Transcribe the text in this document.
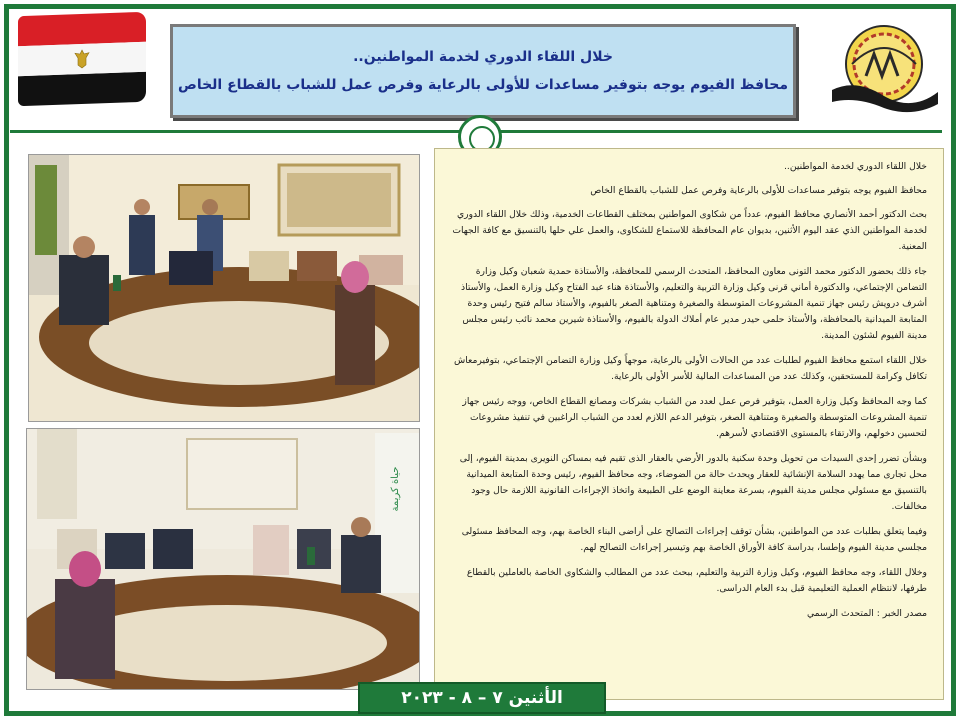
خلال اللقاء الدوري لخدمة المواطنين..
محافظ الفيوم يوجه بتوفير مساعدات للأولى بالرعاية وفرص عمل للشباب بالقطاع الخاص
حياة كريمة

خلال اللقاء الدوري لخدمة المواطنين..

محافظ الفيوم يوجه بتوفير مساعدات للأولى بالرعاية وفرص عمل للشباب بالقطاع الخاص

بحث الدكتور أحمد الأنصاري محافظ الفيوم، عدداً من شكاوى المواطنين بمختلف القطاعات الخدمية، وذلك خلال اللقاء الدوري لخدمة المواطنين الذي عقد اليوم الأثنين، بديوان عام المحافظة للاستماع للشكاوى، والعمل علي حلها بالتنسيق مع كافة الجهات المعنية.

جاء ذلك بحضور الدكتور محمد التونى معاون المحافظ، المتحدث الرسمي للمحافظة، والأستاذة حمدية شعبان وكيل وزارة التضامن الإجتماعي، والدكتورة أماني قرنى وكيل وزارة التربية والتعليم، والأستاذة هناء عبد الفتاح وكيل وزارة العمل، والأستاذ أشرف درويش رئيس جهاز تنمية المشروعات المتوسطة والصغيرة ومتناهية الصغر بالفيوم، والأستاذ سالم فتيح رئيس وحدة المتابعة الميدانية بالمحافظة، والأستاذ حلمى حيدر مدير عام أملاك الدولة بالفيوم، والأستاذة شيرين محمد نائب رئيس مجلس مدينة الفيوم لشئون المدينة.

خلال اللقاء استمع محافظ الفيوم لطلبات عدد من الحالات الأولى بالرعاية، موجهاً وكيل وزارة التضامن الإجتماعي، بتوفيرمعاش تكافل وكرامة للمستحقين، وكذلك عدد من المساعدات المالية للأسر الأولى بالرعاية.

كما وجه المحافظ وكيل وزارة العمل، بتوفير فرص عمل لعدد من الشباب بشركات ومصانع القطاع الخاص، ووجه رئيس جهاز تنمية المشروعات المتوسطة والصغيرة ومتناهية الصغر، بتوفير الدعم اللازم لعدد من الشباب الراغبين في تنفيذ مشروعات لتحسين دخولهم، والارتقاء بالمستوى الاقتصادي لأسرهم.

وبشأن تضرر إحدى السيدات من تحويل وحدة سكنية بالدور الأرضي بالعقار الذى تقيم فيه بمساكن النويرى بمدينة الفيوم، إلى محل تجارى مما يهدد السلامة الإنشائية للعقار ويحدث حالة من الضوضاء، وجه محافظ الفيوم، رئيس وحدة المتابعة الميدانية بالتنسيق مع مسئولي مجلس مدينة الفيوم، بسرعة معاينة الوضع على الطبيعة واتخاذ الإجراءات القانونية اللازمة حال وجود مخالفات.

وفيما يتعلق بطلبات عدد من المواطنين، بشأن توقف إجراءات التصالح على أراضى البناء الخاصة بهم، وجه المحافظ مسئولى مجلسي مدينة الفيوم وإطسا، بدراسة كافة الأوراق الخاصة بهم وتيسير إجراءات التصالح لهم.

وخلال اللقاء، وجه محافظ الفيوم، وكيل وزارة التربية والتعليم، ببحث عدد من المطالب والشكاوى الخاصة بالعاملين بالقطاع طرفها، لانتظام العملية التعليمية قبل بدء العام الدراسى.

مصدر الخبر : المتحدث الرسمي

الأثنين ٧ – ٨ - ٢٠٢٣
